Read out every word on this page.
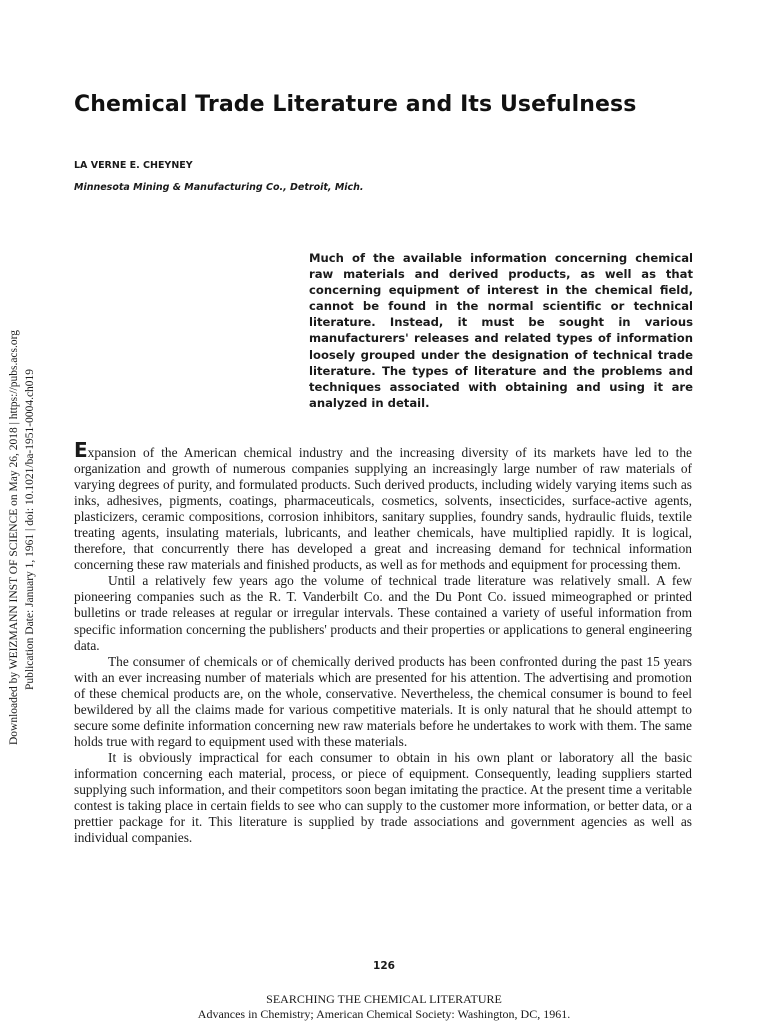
Downloaded by WEIZMANN INST OF SCIENCE on May 26, 2018 | https://pubs.acs.org Publication Date: January 1, 1961 | doi: 10.1021/ba-1951-0004.ch019
Chemical Trade Literature and Its Usefulness
LA VERNE E. CHEYNEY
Minnesota Mining & Manufacturing Co., Detroit, Mich.

Much of the available information concerning chemical raw materials and derived products, as well as that concerning equipment of interest in the chemical field, cannot be found in the normal scientific or technical literature. Instead, it must be sought in various manufacturers' releases and related types of information loosely grouped under the designation of technical trade literature. The types of literature and the problems and techniques associated with obtaining and using it are analyzed in detail.

Expansion of the American chemical industry and the increasing diversity of its markets have led to the organization and growth of numerous companies supplying an increasingly large number of raw materials of varying degrees of purity, and formulated products. Such derived products, including widely varying items such as inks, adhesives, pigments, coatings, pharmaceuticals, cosmetics, solvents, insecticides, surface-active agents, plasticizers, ceramic compositions, corrosion inhibitors, sanitary supplies, foundry sands, hydraulic fluids, textile treating agents, insulating materials, lubricants, and leather chemicals, have multiplied rapidly. It is logical, therefore, that concurrently there has developed a great and increasing demand for technical information concerning these raw materials and finished products, as well as for methods and equipment for processing them.

Until a relatively few years ago the volume of technical trade literature was relatively small. A few pioneering companies such as the R. T. Vanderbilt Co. and the Du Pont Co. issued mimeographed or printed bulletins or trade releases at regular or irregular intervals. These contained a variety of useful information from specific information concerning the publishers' products and their properties or applications to general engineering data.

The consumer of chemicals or of chemically derived products has been confronted during the past 15 years with an ever increasing number of materials which are presented for his attention. The advertising and promotion of these chemical products are, on the whole, conservative. Nevertheless, the chemical consumer is bound to feel bewildered by all the claims made for various competitive materials. It is only natural that he should attempt to secure some definite information concerning new raw materials before he undertakes to work with them. The same holds true with regard to equipment used with these materials.

It is obviously impractical for each consumer to obtain in his own plant or laboratory all the basic information concerning each material, process, or piece of equipment. Consequently, leading suppliers started supplying such information, and their competitors soon began imitating the practice. At the present time a veritable contest is taking place in certain fields to see who can supply to the customer more information, or better data, or a prettier package for it. This literature is supplied by trade associations and government agencies as well as individual companies.

126
SEARCHING THE CHEMICAL LITERATURE
Advances in Chemistry; American Chemical Society: Washington, DC, 1961.
